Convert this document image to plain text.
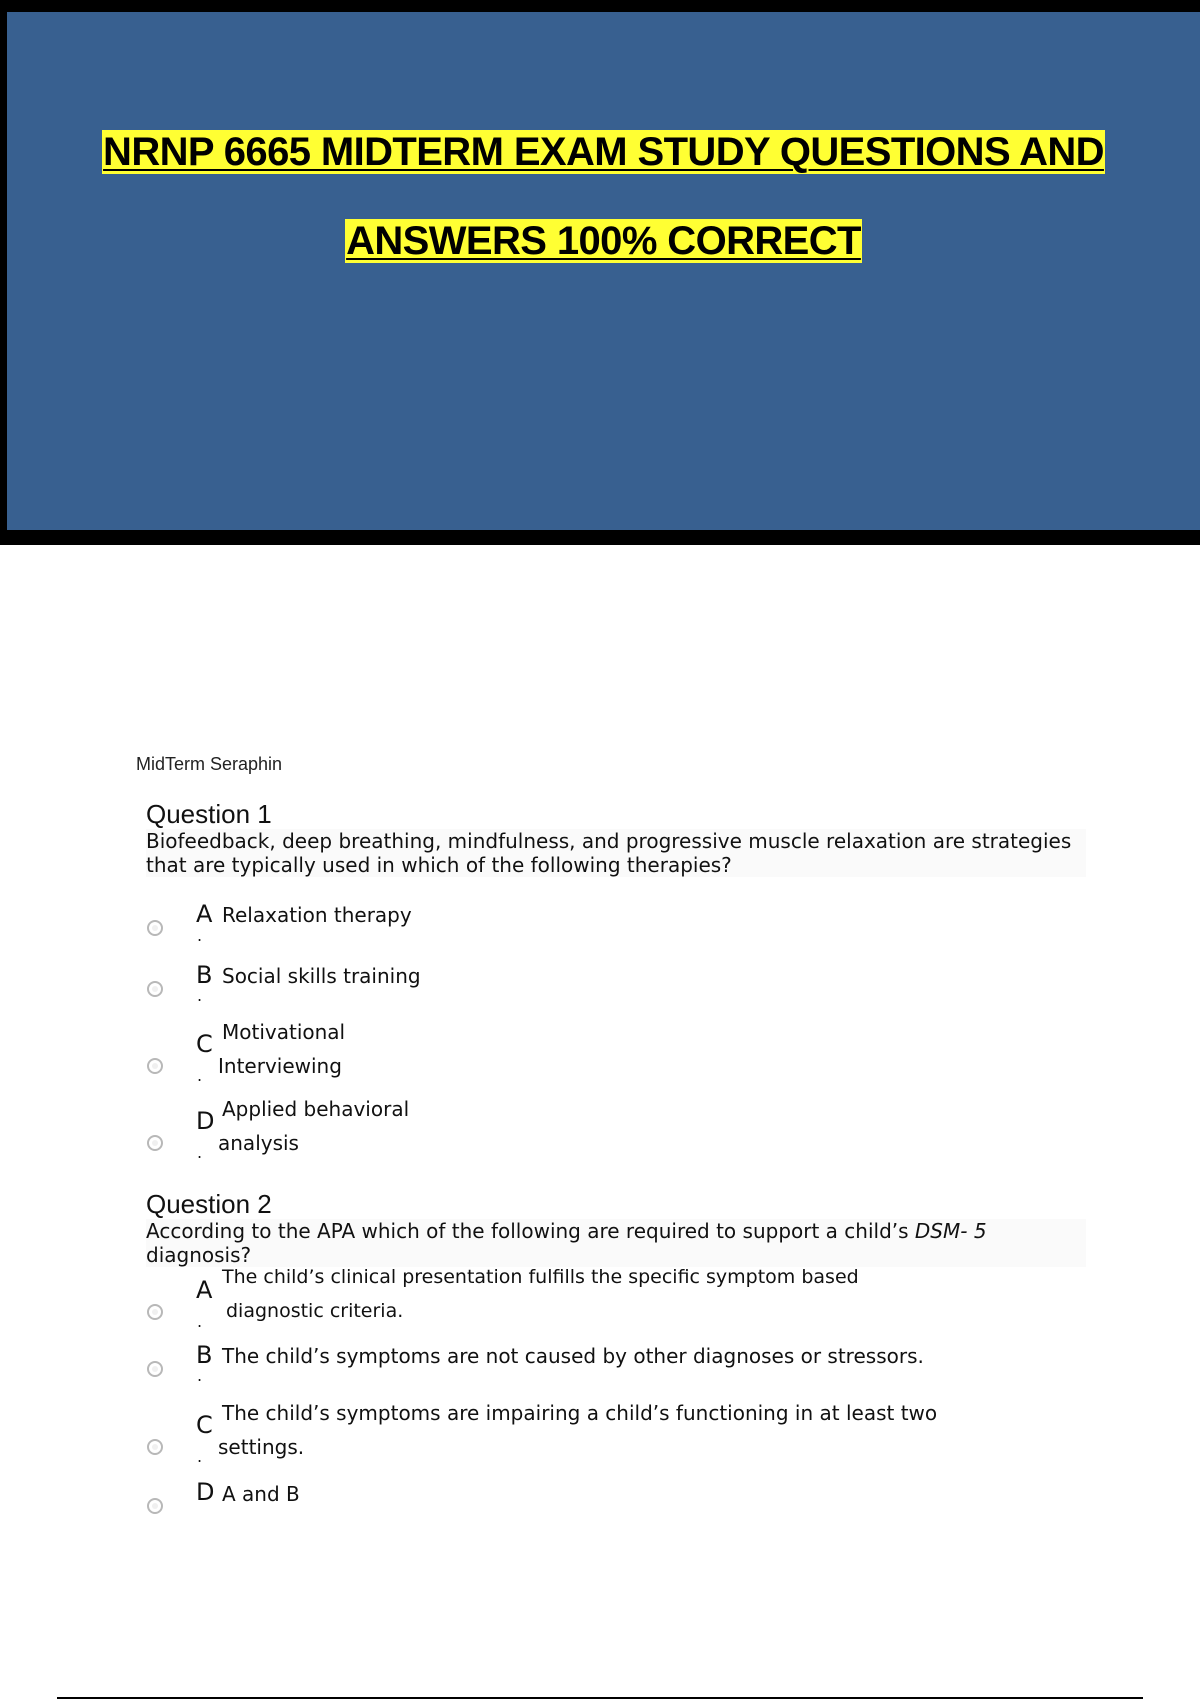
NRNP 6665 MIDTERM EXAM STUDY QUESTIONS AND
ANSWERS 100% CORRECT
MidTerm Seraphin
Question 1
Biofeedback, deep breathing, mindfulness, and progressive muscle relaxation are strategies that are typically used in which of the following therapies?
A
.
Relaxation therapy
B
.
Social skills training
C
.
Motivational
Interviewing
D
.
Applied behavioral
analysis
Question 2
According to the APA which of the following are required to support a child’s DSM- 5 diagnosis?
A
.
The child’s clinical presentation fulﬁlls the speciﬁc symptom based
diagnostic criteria.
B
.
The child’s symptoms are not caused by other diagnoses or stressors.
C
.
The child’s symptoms are impairing a child’s functioning in at least two
settings.
D A and B
